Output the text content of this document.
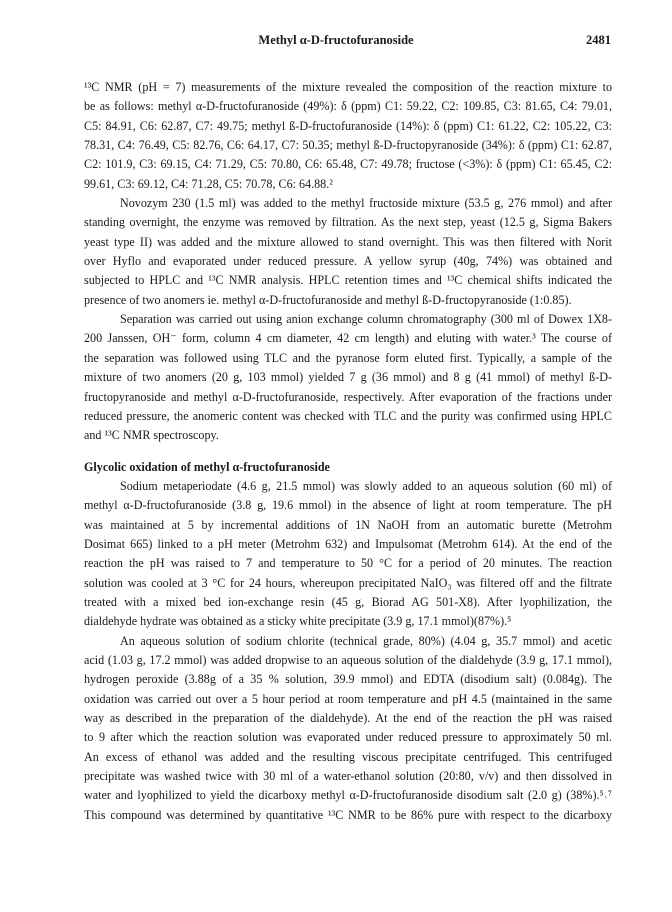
Methyl α-D-fructofuranoside	2481

¹³C NMR (pH = 7) measurements of the mixture revealed the composition of the reaction mixture to
be as follows: methyl α-D-fructofuranoside (49%): δ (ppm) C1: 59.22, C2: 109.85, C3: 81.65, C4: 79.01,
C5: 84.91, C6: 62.87, C7: 49.75; methyl ß-D-fructofuranoside (14%): δ (ppm) C1: 61.22, C2: 105.22, C3:
78.31, C4: 76.49, C5: 82.76, C6: 64.17, C7: 50.35; methyl ß-D-fructopyranoside (34%): δ (ppm) C1: 62.87,
C2: 101.9, C3: 69.15, C4: 71.29, C5: 70.80, C6: 65.48, C7: 49.78; fructose (<3%): δ (ppm) C1: 65.45, C2:
99.61, C3: 69.12, C4: 71.28, C5: 70.78, C6: 64.88.²

Novozym 230 (1.5 ml) was added to the methyl fructoside mixture (53.5 g, 276 mmol) and after
standing overnight, the enzyme was removed by filtration. As the next step, yeast (12.5 g, Sigma Bakers
yeast type II) was added and the mixture allowed to stand overnight. This was then filtered with Norit
over Hyflo and evaporated under reduced pressure. A yellow syrup (40g, 74%) was obtained and
subjected to HPLC and ¹³C NMR analysis. HPLC retention times and ¹³C chemical shifts indicated the
presence of two anomers ie. methyl α-D-fructofuranoside and methyl ß-D-fructopyranoside (1:0.85).

Separation was carried out using anion exchange column chromatography (300 ml of Dowex 1X8-
200 Janssen, OH⁻ form, column 4 cm diameter, 42 cm length) and eluting with water.³ The course of
the separation was followed using TLC and the pyranose form eluted first. Typically, a sample of the
mixture of two anomers (20 g, 103 mmol) yielded 7 g (36 mmol) and 8 g (41 mmol) of methyl ß-D-
fructopyranoside and methyl α-D-fructofuranoside, respectively. After evaporation of the fractions under
reduced pressure, the anomeric content was checked with TLC and the purity was confirmed using HPLC
and ¹³C NMR spectroscopy.

Glycolic oxidation of methyl α-fructofuranoside

Sodium metaperiodate (4.6 g, 21.5 mmol) was slowly added to an aqueous solution (60 ml) of
methyl α-D-fructofuranoside (3.8 g, 19.6 mmol) in the absence of light at room temperature. The pH
was maintained at 5 by incremental additions of 1N NaOH from an automatic burette (Metrohm
Dosimat 665) linked to a pH meter (Metrohm 632) and Impulsomat (Metrohm 614). At the end of the
reaction the pH was raised to 7 and temperature to 50 °C for a period of 20 minutes. The reaction
solution was cooled at 3 °C for 24 hours, whereupon precipitated NaIO₃ was filtered off and the filtrate
treated with a mixed bed ion-exchange resin (45 g, Biorad AG 501-X8). After lyophilization, the
dialdehyde hydrate was obtained as a sticky white precipitate (3.9 g, 17.1 mmol)(87%).⁵

An aqueous solution of sodium chlorite (technical grade, 80%) (4.04 g, 35.7 mmol) and acetic
acid (1.03 g, 17.2 mmol) was added dropwise to an aqueous solution of the dialdehyde (3.9 g, 17.1 mmol),
hydrogen peroxide (3.88g of a 35 % solution, 39.9 mmol) and EDTA (disodium salt) (0.084g). The
oxidation was carried out over a 5 hour period at room temperature and pH 4.5 (maintained in the same
way as described in the preparation of the dialdehyde). At the end of the reaction the pH was raised
to 9 after which the reaction solution was evaporated under reduced pressure to approximately 50 ml.
An excess of ethanol was added and the resulting viscous precipitate centrifuged. This centrifuged
precipitate was washed twice with 30 ml of a water-ethanol solution (20:80, v/v) and then dissolved in
water and lyophilized to yield the dicarboxy methyl α-D-fructofuranoside disodium salt (2.0 g) (38%).⁵˒⁷
This compound was determined by quantitative ¹³C NMR to be 86% pure with respect to the dicarboxy
